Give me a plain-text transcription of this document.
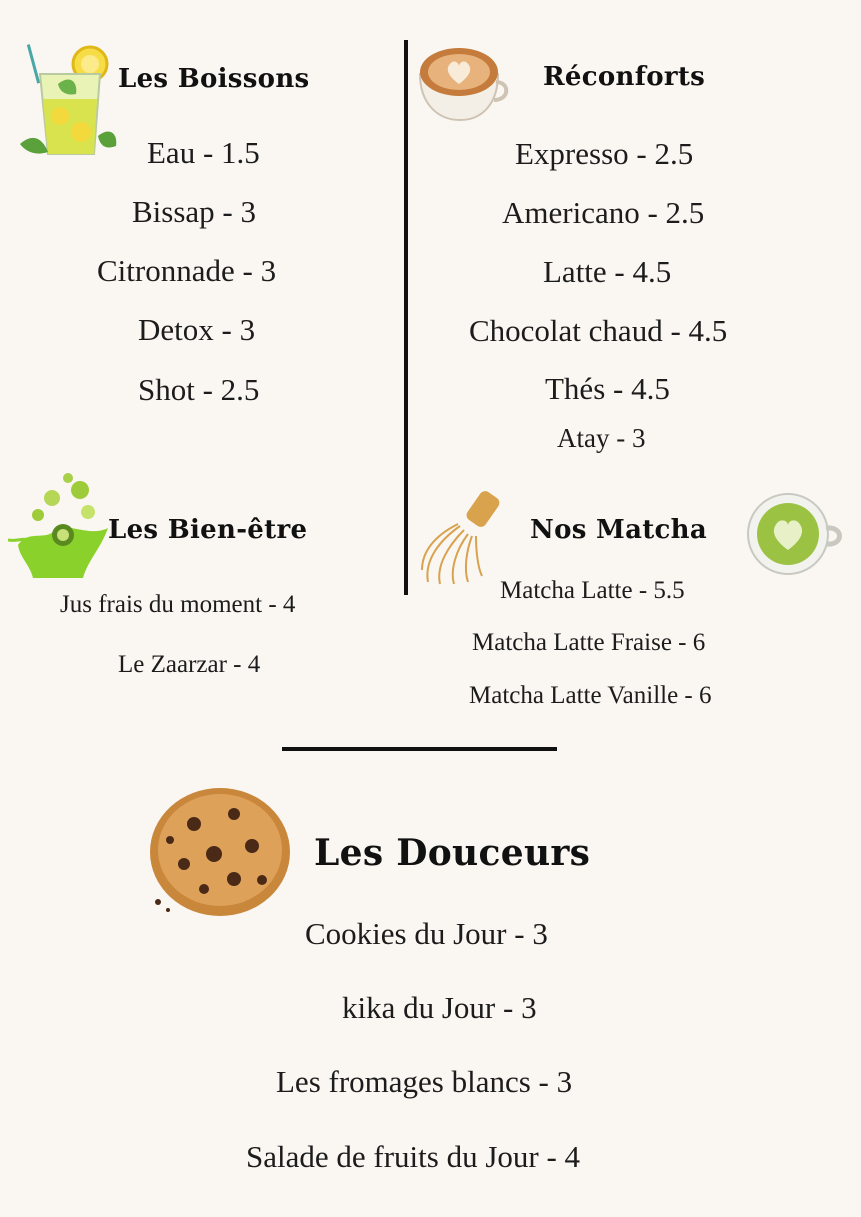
Les Boissons
Eau - 1.5
Bissap - 3
Citronnade - 3
Detox - 3
Shot - 2.5
Réconforts
Expresso - 2.5
Americano - 2.5
Latte - 4.5
Chocolat chaud - 4.5
Thés - 4.5
Atay - 3
Les Bien-être
Jus frais du moment - 4
Le Zaarzar - 4
Nos Matcha
Matcha Latte - 5.5
Matcha Latte Fraise - 6
Matcha Latte Vanille - 6
Les Douceurs
Cookies du Jour - 3
kika du Jour - 3
Les fromages blancs - 3
Salade de fruits du Jour - 4
